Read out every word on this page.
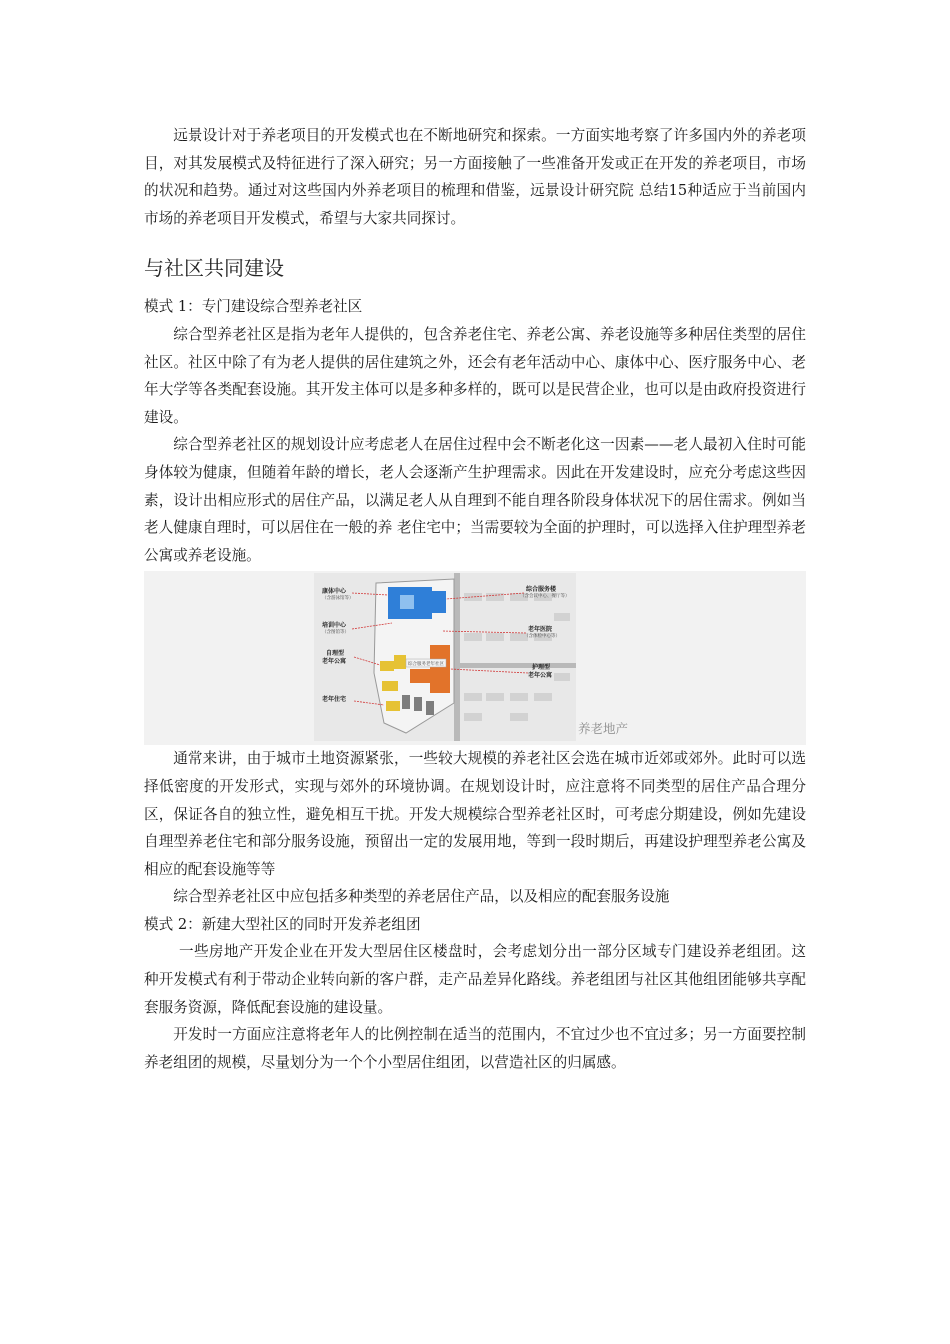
远景设计对于养老项目的开发模式也在不断地研究和探索。一方面实地考察了许多国内外的养老项目，对其发展模式及特征进行了深入研究；另一方面接触了一些准备开发或正在开发的养老项目，市场的状况和趋势。通过对这些国内外养老项目的梳理和借鉴，远景设计研究院 总结15种适应于当前国内市场的养老项目开发模式，希望与大家共同探讨。

与社区共同建设

模式 1：专门建设综合型养老社区

综合型养老社区是指为老年人提供的，包含养老住宅、养老公寓、养老设施等多种居住类型的居住社区。社区中除了有为老人提供的居住建筑之外，还会有老年活动中心、康体中心、医疗服务中心、老年大学等各类配套设施。其开发主体可以是多种多样的，既可以是民营企业，也可以是由政府投资进行建设。

综合型养老社区的规划设计应考虑老人在居住过程中会不断老化这一因素——老人最初入住时可能身体较为健康，但随着年龄的增长，老人会逐渐产生护理需求。因此在开发建设时，应充分考虑这些因素，设计出相应形式的居住产品，以满足老人从自理到不能自理各阶段身体状况下的居住需求。例如当老人健康自理时，可以居住在一般的养 老住宅中；当需要较为全面的护理时，可以选择入住护理型养老公寓或养老设施。

综合服务老年社区
康体中心
（含游泳馆等）
培训中心
（含图馆等）
自理型
老年公寓
老年住宅
综合服务楼
（含会议中心、餐厅等）
老年医院
（含体检中心等）
护理型
老年公寓
养老地产

通常来讲，由于城市土地资源紧张，一些较大规模的养老社区会选在城市近郊或郊外。此时可以选择低密度的开发形式，实现与郊外的环境协调。在规划设计时，应注意将不同类型的居住产品合理分区，保证各自的独立性，避免相互干扰。开发大规模综合型养老社区时，可考虑分期建设，例如先建设自理型养老住宅和部分服务设施，预留出一定的发展用地，等到一段时期后，再建设护理型养老公寓及相应的配套设施等等

综合型养老社区中应包括多种类型的养老居住产品，以及相应的配套服务设施

模式 2：新建大型社区的同时开发养老组团

一些房地产开发企业在开发大型居住区楼盘时，会考虑划分出一部分区域专门建设养老组团。这种开发模式有利于带动企业转向新的客户群，走产品差异化路线。养老组团与社区其他组团能够共享配套服务资源，降低配套设施的建设量。

开发时一方面应注意将老年人的比例控制在适当的范围内，不宜过少也不宜过多；另一方面要控制养老组团的规模，尽量划分为一个个小型居住组团，以营造社区的归属感。
